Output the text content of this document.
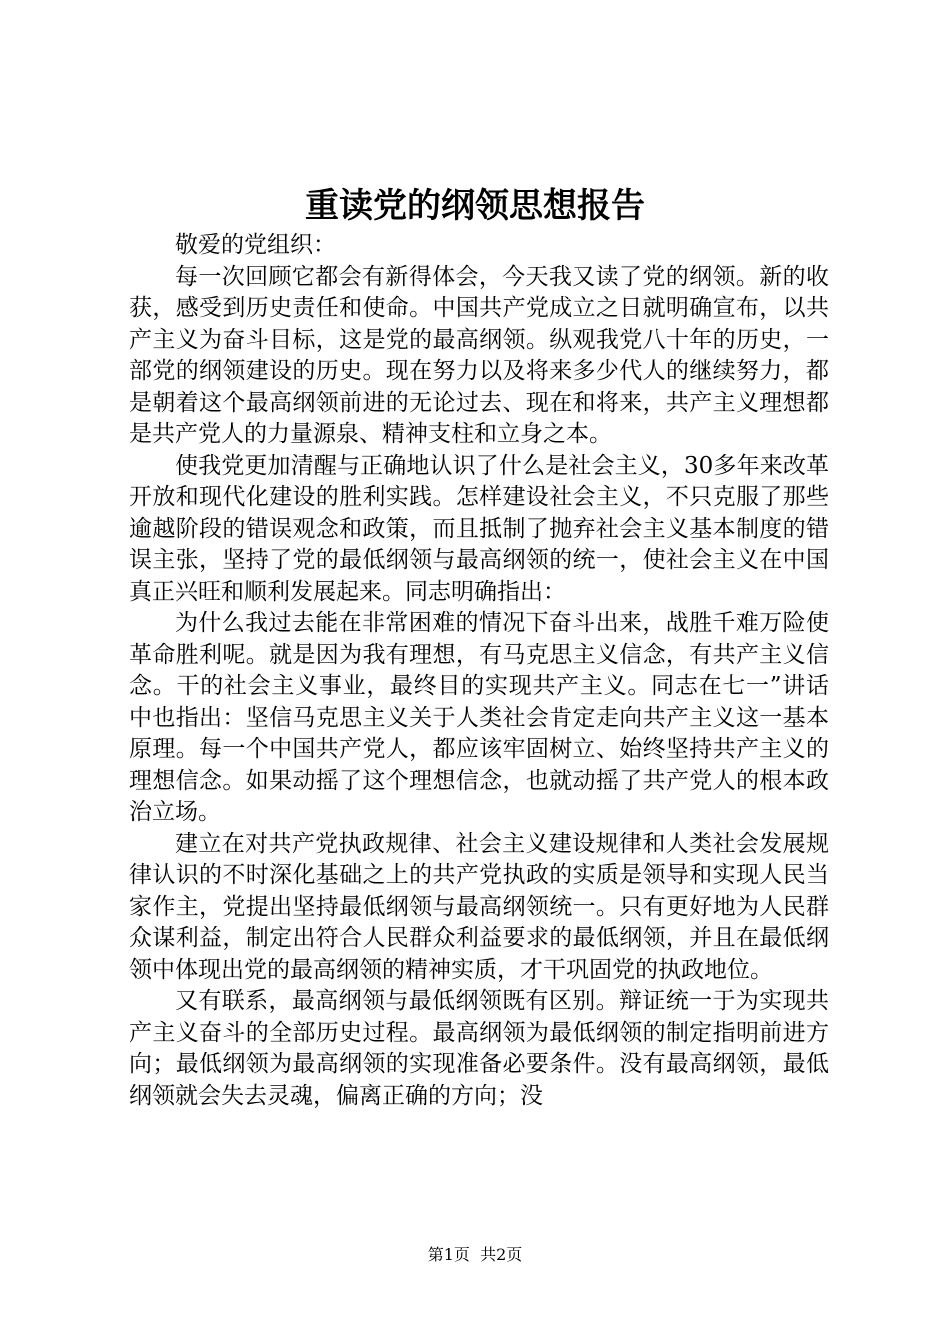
重读党的纲领思想报告

敬爱的党组织：

每一次回顾它都会有新得体会，今天我又读了党的纲领。新的收获，感受到历史责任和使命。中国共产党成立之日就明确宣布，以共产主义为奋斗目标，这是党的最高纲领。纵观我党八十年的历史，一部党的纲领建设的历史。现在努力以及将来多少代人的继续努力，都是朝着这个最高纲领前进的无论过去、现在和将来，共产主义理想都是共产党人的力量源泉、精神支柱和立身之本。

使我党更加清醒与正确地认识了什么是社会主义，30多年来改革开放和现代化建设的胜利实践。怎样建设社会主义，不只克服了那些逾越阶段的错误观念和政策，而且抵制了抛弃社会主义基本制度的错误主张，坚持了党的最低纲领与最高纲领的统一，使社会主义在中国真正兴旺和顺利发展起来。同志明确指出：

为什么我过去能在非常困难的情况下奋斗出来，战胜千难万险使革命胜利呢。就是因为我有理想，有马克思主义信念，有共产主义信念。干的社会主义事业，最终目的实现共产主义。同志在七一”讲话中也指出：坚信马克思主义关于人类社会肯定走向共产主义这一基本原理。每一个中国共产党人，都应该牢固树立、始终坚持共产主义的理想信念。如果动摇了这个理想信念，也就动摇了共产党人的根本政治立场。

建立在对共产党执政规律、社会主义建设规律和人类社会发展规律认识的不时深化基础之上的共产党执政的实质是领导和实现人民当家作主，党提出坚持最低纲领与最高纲领统一。只有更好地为人民群众谋利益，制定出符合人民群众利益要求的最低纲领，并且在最低纲领中体现出党的最高纲领的精神实质，才干巩固党的执政地位。

又有联系，最高纲领与最低纲领既有区别。辩证统一于为实现共产主义奋斗的全部历史过程。最高纲领为最低纲领的制定指明前进方向；最低纲领为最高纲领的实现准备必要条件。没有最高纲领，最低纲领就会失去灵魂，偏离正确的方向；没

第1页 共2页
